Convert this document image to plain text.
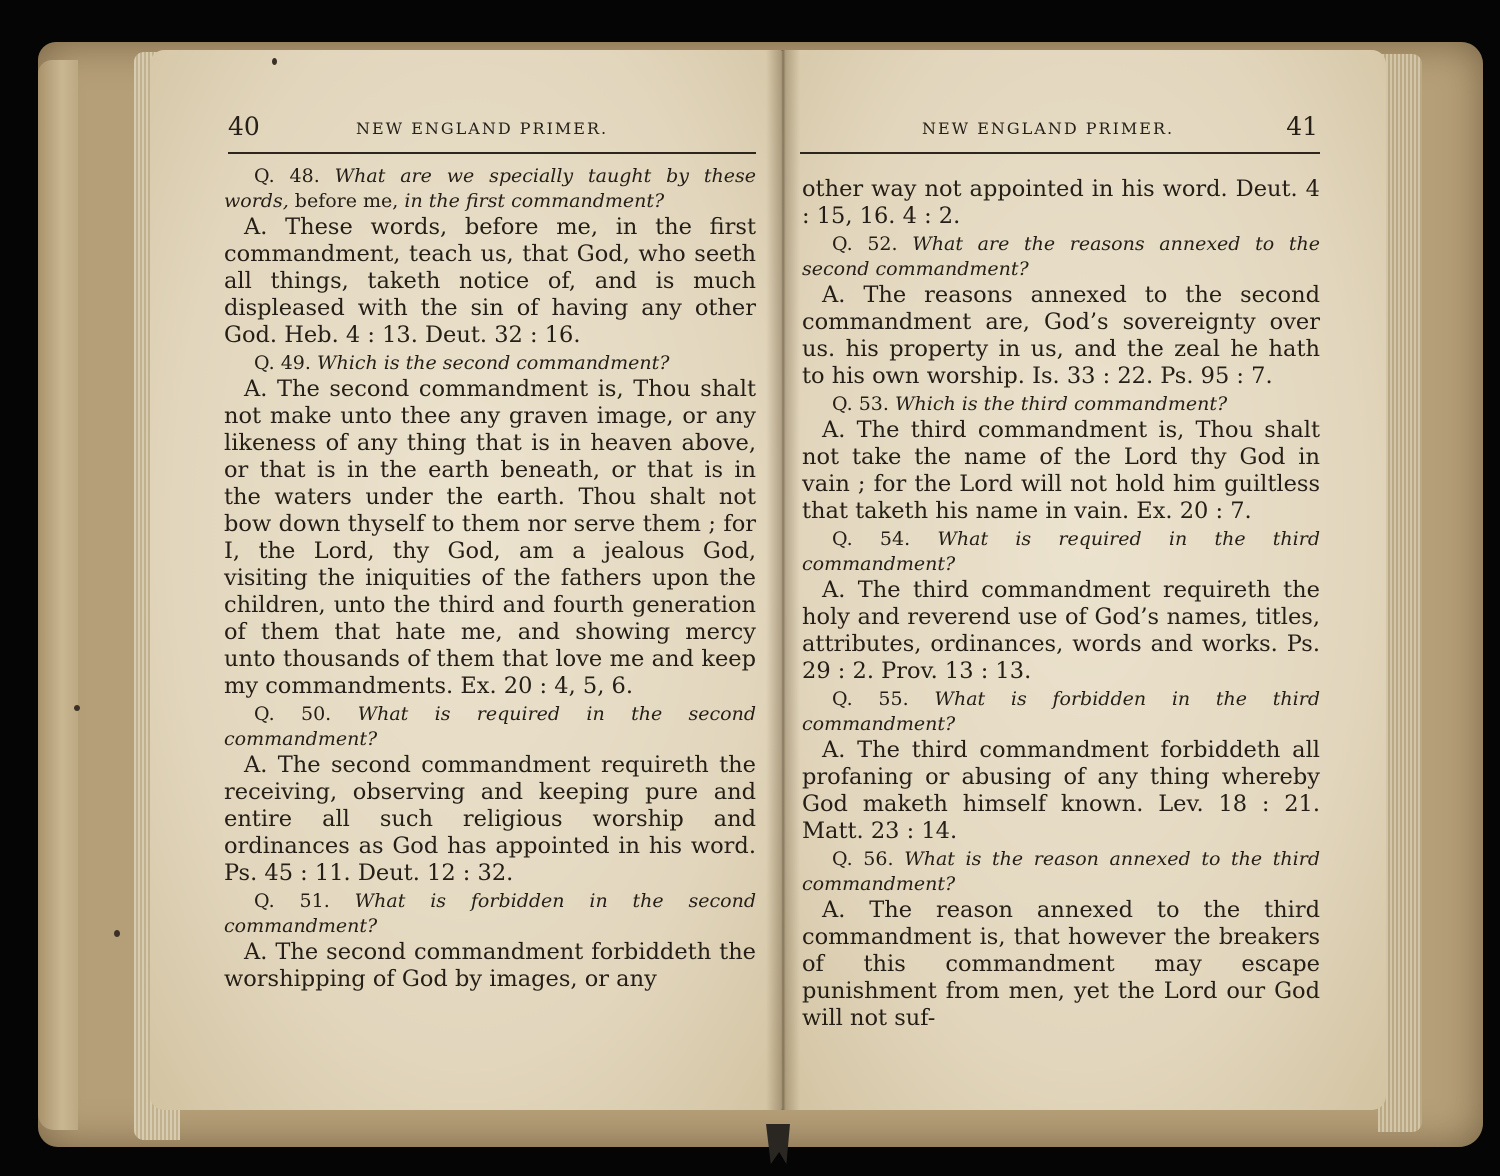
40	NEW ENGLAND PRIMER.	NEW ENGLAND PRIMER.	41

Q. 48. What are we specially taught by these words, before me, in the first commandment?

A. These words, before me, in the first commandment, teach us, that God, who seeth all things, taketh notice of, and is much displeased with the sin of having any other God. Heb. 4 : 13. Deut. 32 : 16.

Q. 49. Which is the second commandment?

A. The second commandment is, Thou shalt not make unto thee any graven image, or any likeness of any thing that is in heaven above, or that is in the earth beneath, or that is in the waters under the earth. Thou shalt not bow down thyself to them nor serve them ; for I, the Lord, thy God, am a jealous God, visiting the iniquities of the fathers upon the children, unto the third and fourth generation of them that hate me, and showing mercy unto thousands of them that love me and keep my commandments. Ex. 20 : 4, 5, 6.

Q. 50. What is required in the second commandment?

A. The second commandment requireth the receiving, observing and keeping pure and entire all such religious worship and ordinances as God has appointed in his word. Ps. 45 : 11. Deut. 12 : 32.

Q. 51. What is forbidden in the second commandment?

A. The second commandment forbiddeth the worshipping of God by images, or any

other way not appointed in his word. Deut. 4 : 15, 16. 4 : 2.

Q. 52. What are the reasons annexed to the second commandment?

A. The reasons annexed to the second commandment are, God’s sovereignty over us. his property in us, and the zeal he hath to his own worship. Is. 33 : 22. Ps. 95 : 7.

Q. 53. Which is the third commandment?

A. The third commandment is, Thou shalt not take the name of the Lord thy God in vain ; for the Lord will not hold him guiltless that taketh his name in vain. Ex. 20 : 7.

Q. 54. What is required in the third commandment?

A. The third commandment requireth the holy and reverend use of God’s names, titles, attributes, ordinances, words and works. Ps. 29 : 2. Prov. 13 : 13.

Q. 55. What is forbidden in the third commandment?

A. The third commandment forbiddeth all profaning or abusing of any thing whereby God maketh himself known. Lev. 18 : 21. Matt. 23 : 14.

Q. 56. What is the reason annexed to the third commandment?

A. The reason annexed to the third commandment is, that however the breakers of this commandment may escape punishment from men, yet the Lord our God will not suf-
